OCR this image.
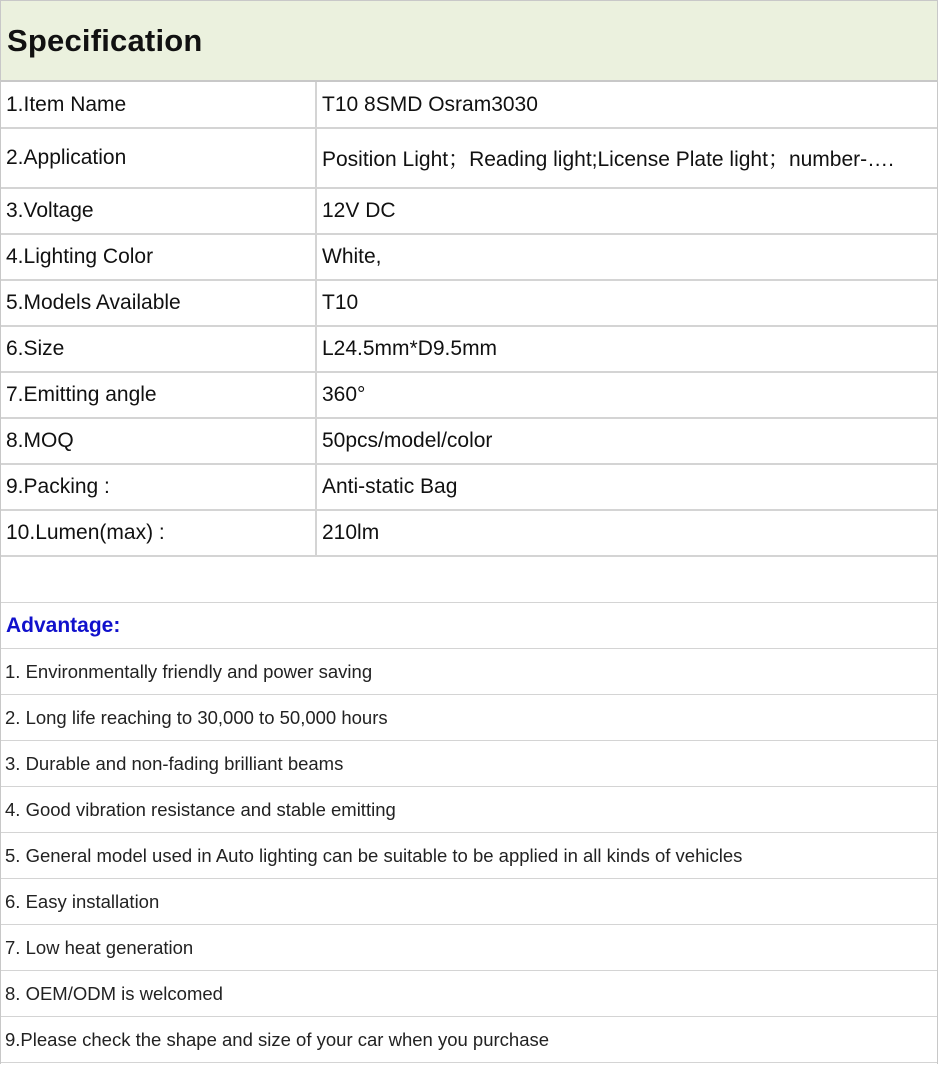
Specification
1.Item Name	T10 8SMD Osram3030
2.Application	Position Light；Reading light;License Plate light；number-….
3.Voltage	12V DC
4.Lighting Color	White,
5.Models Available	T10
6.Size	L24.5mm*D9.5mm
7.Emitting angle	360°
8.MOQ	50pcs/model/color
9.Packing :	Anti-static Bag
10.Lumen(max) :	210lm
Advantage:
1. Environmentally friendly and power saving
2. Long life reaching to 30,000 to 50,000 hours
3. Durable and non-fading brilliant beams
4. Good vibration resistance and stable emitting
5. General model used in Auto lighting can be suitable to be applied in all kinds of vehicles
6. Easy installation
7. Low heat generation
8. OEM/ODM is welcomed
9.Please check the shape and size of your car when you purchase
